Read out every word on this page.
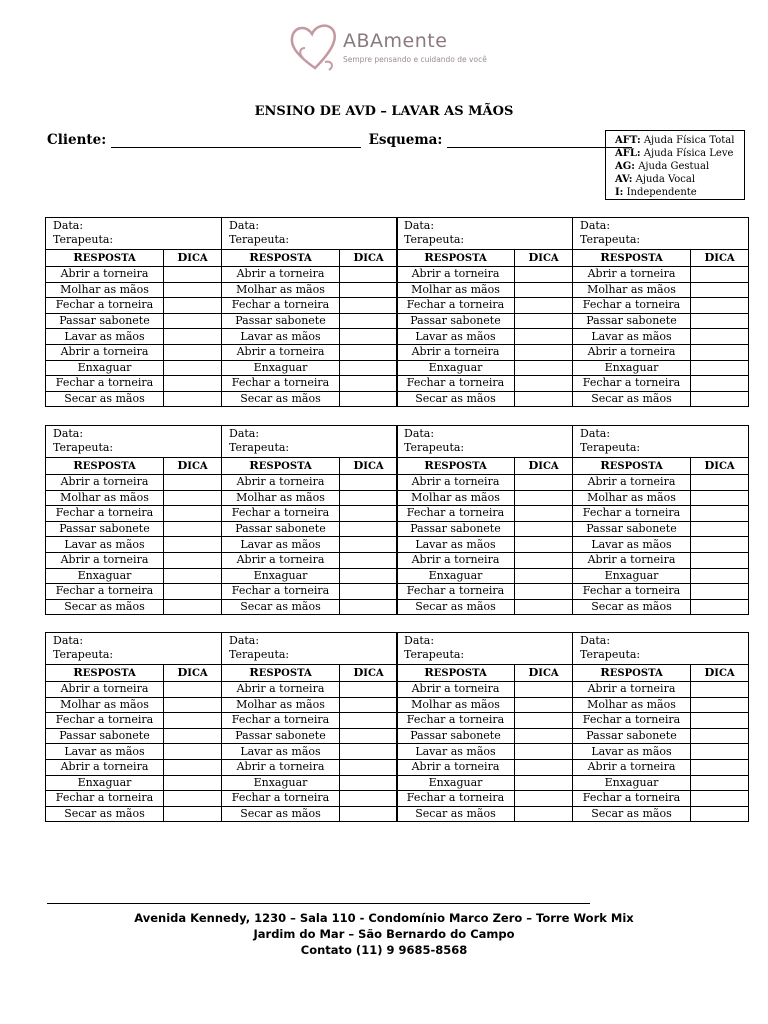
ABAmente
Sempre pensando e cuidando de você
ENSINO DE AVD – LAVAR AS MÃOS
Cliente:	Esquema:	AFT: Ajuda Física Total
AFL: Ajuda Física Leve
AG: Ajuda Gestual
AV: Ajuda Vocal
I: Independente
Data:
Terapeuta:	

RESPOSTA	DICA
Abrir a torneira	
Molhar as mãos	
Fechar a torneira	
Passar sabonete	
Lavar as mãos	
Abrir a torneira	
Enxaguar	
Fechar a torneira	
Secar as mãos	
Data:
Terapeuta:	

RESPOSTA	DICA
Abrir a torneira	
Molhar as mãos	
Fechar a torneira	
Passar sabonete	
Lavar as mãos	
Abrir a torneira	
Enxaguar	
Fechar a torneira	
Secar as mãos	
Data:
Terapeuta:	

RESPOSTA	DICA
Abrir a torneira	
Molhar as mãos	
Fechar a torneira	
Passar sabonete	
Lavar as mãos	
Abrir a torneira	
Enxaguar	
Fechar a torneira	
Secar as mãos	
Data:
Terapeuta:	

RESPOSTA	DICA
Abrir a torneira	
Molhar as mãos	
Fechar a torneira	
Passar sabonete	
Lavar as mãos	
Abrir a torneira	
Enxaguar	
Fechar a torneira	
Secar as mãos	
Data:
Terapeuta:	

RESPOSTA	DICA
Abrir a torneira	
Molhar as mãos	
Fechar a torneira	
Passar sabonete	
Lavar as mãos	
Abrir a torneira	
Enxaguar	
Fechar a torneira	
Secar as mãos	
Data:
Terapeuta:	

RESPOSTA	DICA
Abrir a torneira	
Molhar as mãos	
Fechar a torneira	
Passar sabonete	
Lavar as mãos	
Abrir a torneira	
Enxaguar	
Fechar a torneira	
Secar as mãos	
Data:
Terapeuta:	

RESPOSTA	DICA
Abrir a torneira	
Molhar as mãos	
Fechar a torneira	
Passar sabonete	
Lavar as mãos	
Abrir a torneira	
Enxaguar	
Fechar a torneira	
Secar as mãos	
Data:
Terapeuta:	

RESPOSTA	DICA
Abrir a torneira	
Molhar as mãos	
Fechar a torneira	
Passar sabonete	
Lavar as mãos	
Abrir a torneira	
Enxaguar	
Fechar a torneira	
Secar as mãos	
Data:
Terapeuta:	

RESPOSTA	DICA
Abrir a torneira	
Molhar as mãos	
Fechar a torneira	
Passar sabonete	
Lavar as mãos	
Abrir a torneira	
Enxaguar	
Fechar a torneira	
Secar as mãos	
Data:
Terapeuta:	

RESPOSTA	DICA
Abrir a torneira	
Molhar as mãos	
Fechar a torneira	
Passar sabonete	
Lavar as mãos	
Abrir a torneira	
Enxaguar	
Fechar a torneira	
Secar as mãos	
Data:
Terapeuta:	

RESPOSTA	DICA
Abrir a torneira	
Molhar as mãos	
Fechar a torneira	
Passar sabonete	
Lavar as mãos	
Abrir a torneira	
Enxaguar	
Fechar a torneira	
Secar as mãos	
Data:
Terapeuta:	

RESPOSTA	DICA
Abrir a torneira	
Molhar as mãos	
Fechar a torneira	
Passar sabonete	
Lavar as mãos	
Abrir a torneira	
Enxaguar	
Fechar a torneira	
Secar as mãos	
Avenida Kennedy, 1230 – Sala 110 - Condomínio Marco Zero – Torre Work Mix
Jardim do Mar – São Bernardo do Campo
Contato (11) 9 9685-8568
